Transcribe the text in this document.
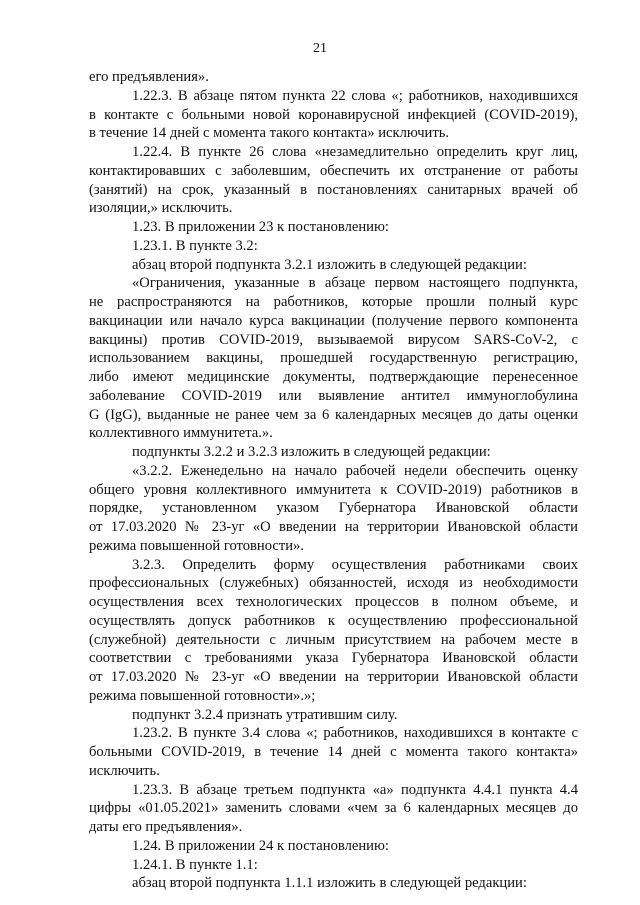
21
его предъявления».
1.22.3. В абзаце пятом пункта 22 слова «; работников, находившихся
в контакте с больными новой коронавирусной инфекцией (COVID-2019),
в течение 14 дней с момента такого контакта» исключить.
1.22.4. В пункте 26 слова «незамедлительно определить круг лиц,
контактировавших с заболевшим, обеспечить их отстранение от работы
(занятий) на срок, указанный в постановлениях санитарных врачей об
изоляции,» исключить.
1.23. В приложении 23 к постановлению:
1.23.1. В пункте 3.2:
абзац второй подпункта 3.2.1 изложить в следующей редакции:
«Ограничения, указанные в абзаце первом настоящего подпункта,
не распространяются на работников, которые прошли полный курс
вакцинации или начало курса вакцинации (получение первого компонента
вакцины) против COVID-2019, вызываемой вирусом SARS-CoV-2, с
использованием вакцины, прошедшей государственную регистрацию,
либо имеют медицинские документы, подтверждающие перенесенное
заболевание COVID-2019 или выявление антител иммуноглобулина
G (IgG), выданные не ранее чем за 6 календарных месяцев до даты оценки
коллективного иммунитета.».
подпункты 3.2.2 и 3.2.3 изложить в следующей редакции:
«3.2.2. Еженедельно на начало рабочей недели обеспечить оценку
общего уровня коллективного иммунитета к COVID-2019) работников в
порядке, установленном указом Губернатора Ивановской области
от 17.03.2020 № 23-уг «О введении на территории Ивановской области
режима повышенной готовности».
3.2.3. Определить форму осуществления работниками своих
профессиональных (служебных) обязанностей, исходя из необходимости
осуществления всех технологических процессов в полном объеме, и
осуществлять допуск работников к осуществлению профессиональной
(служебной) деятельности с личным присутствием на рабочем месте в
соответствии с требованиями указа Губернатора Ивановской области
от 17.03.2020 № 23-уг «О введении на территории Ивановской области
режима повышенной готовности».»;
подпункт 3.2.4 признать утратившим силу.
1.23.2. В пункте 3.4 слова «; работников, находившихся в контакте с
больными COVID-2019, в течение 14 дней с момента такого контакта»
исключить.
1.23.3. В абзаце третьем подпункта «а» подпункта 4.4.1 пункта 4.4
цифры «01.05.2021» заменить словами «чем за 6 календарных месяцев до
даты его предъявления».
1.24. В приложении 24 к постановлению:
1.24.1. В пункте 1.1:
абзац второй подпункта 1.1.1 изложить в следующей редакции:
